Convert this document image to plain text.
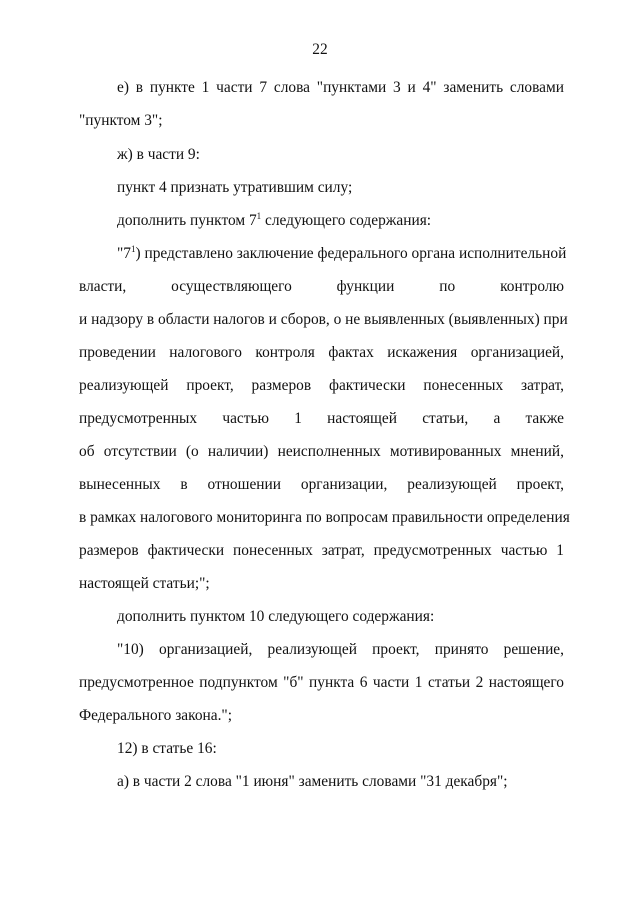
22
е) в пункте 1 части 7 слова "пунктами 3 и 4" заменить словами
"пунктом 3";
ж) в части 9:
пункт 4 признать утратившим силу;
дополнить пунктом $7^1$ следующего содержания:
"$7^1$) представлено заключение федерального органа исполнительной
власти, осуществляющего функции по контролю
и надзору в области налогов и сборов, о не выявленных (выявленных) при
проведении налогового контроля фактах искажения организацией,
реализующей проект, размеров фактически понесенных затрат,
предусмотренных частью 1 настоящей статьи, а также
об отсутствии (о наличии) неисполненных мотивированных мнений,
вынесенных в отношении организации, реализующей проект,
в рамках налогового мониторинга по вопросам правильности определения
размеров фактически понесенных затрат, предусмотренных частью 1
настоящей статьи;";
дополнить пунктом 10 следующего содержания:
"10) организацией, реализующей проект, принято решение,
предусмотренное подпунктом "б" пункта 6 части 1 статьи 2 настоящего
Федерального закона.";
12) в статье 16:
а) в части 2 слова "1 июня" заменить словами "31 декабря";
